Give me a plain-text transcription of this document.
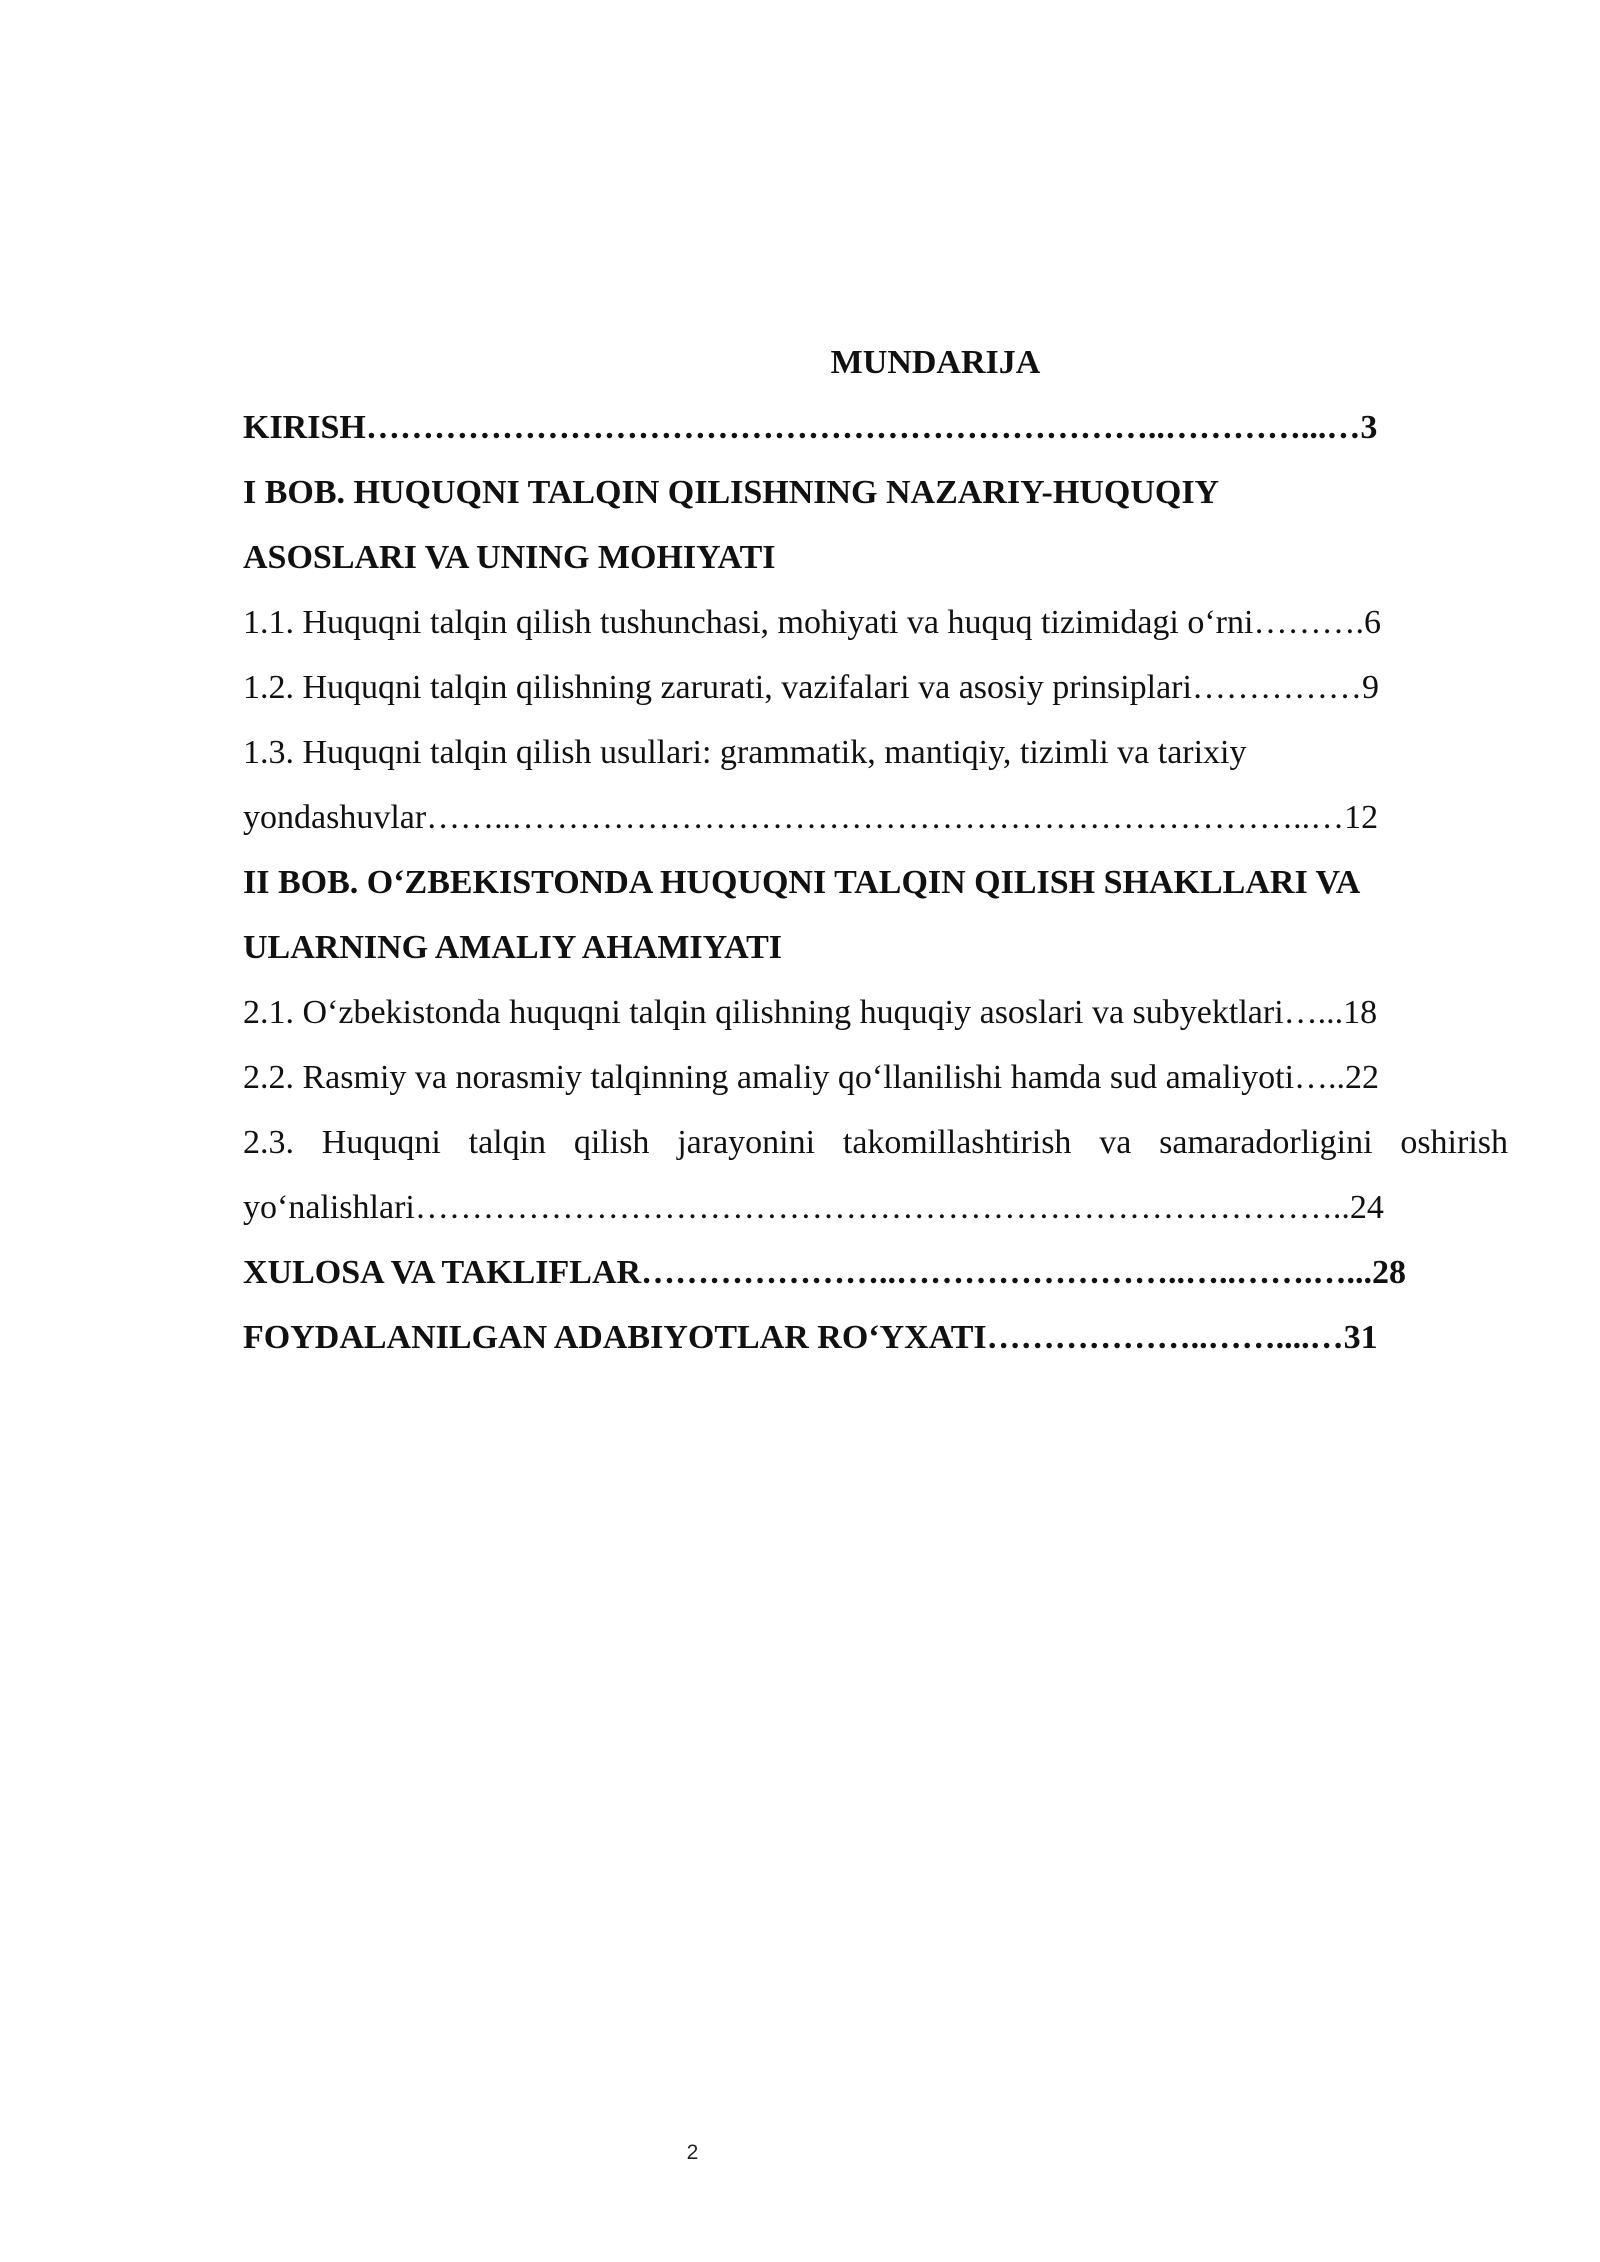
MUNDARIJA
KIRISH……………………………………………………………..…………...…3
I BOB. HUQUQNI TALQIN QILISHNING NAZARIY-HUQUQIY
ASOSLARI VA UNING MOHIYATI
1.1. Huquqni talqin qilish tushunchasi, mohiyati va huquq tizimidagi o‘rni……….6
1.2. Huquqni talqin qilishning zarurati, vazifalari va asosiy prinsiplari……………9
1.3. Huquqni talqin qilish usullari: grammatik, mantiqiy, tizimli va tarixiy
yondashuvlar……..……………………………………………………………..…12
II BOB. O‘ZBEKISTONDA HUQUQNI TALQIN QILISH SHAKLLARI VA
ULARNING AMALIY AHAMIYATI
2.1. O‘zbekistonda huquqni talqin qilishning huquqiy asoslari va subyektlari…...18
2.2. Rasmiy va norasmiy talqinning amaliy qo‘llanilishi hamda sud amaliyoti…..22
2.3. Huquqni talqin qilish jarayonini takomillashtirish va samaradorligini oshirish
yo‘nalishlari………………………………………………………………………..24
XULOSA VA TAKLIFLAR…………………..……………………..…..…….…...28
FOYDALANILGAN ADABIYOTLAR RO‘YXATI………………..……....…31
2
